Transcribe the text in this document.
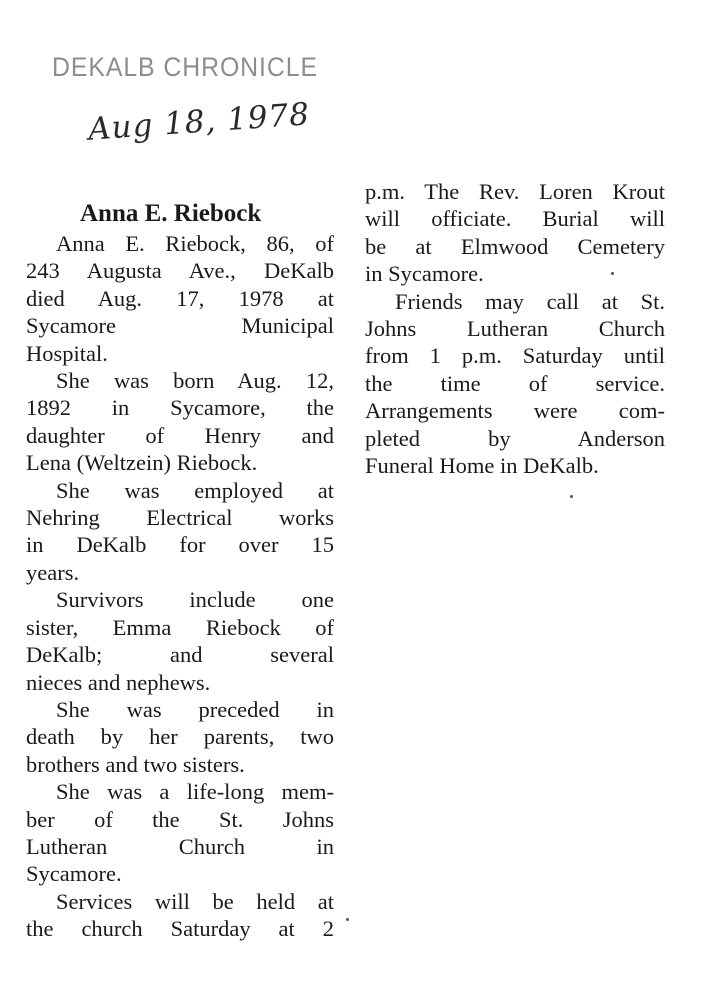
DEKALB CHRONICLE
Aug 18, 1978
Anna E. Riebock
Anna E. Riebock, 86, of
243 Augusta Ave., DeKalb
died Aug. 17, 1978 at
Sycamore Municipal
Hospital.
She was born Aug. 12,
1892 in Sycamore, the
daughter of Henry and
Lena (Weltzein) Riebock.
She was employed at
Nehring Electrical works
in DeKalb for over 15
years.
Survivors include one
sister, Emma Riebock of
DeKalb; and several
nieces and nephews.
She was preceded in
death by her parents, two
brothers and two sisters.
She was a life-long mem-
ber of the St. Johns
Lutheran Church in
Sycamore.
Services will be held at
the church Saturday at 2
p.m. The Rev. Loren Krout
will officiate. Burial will
be at Elmwood Cemetery
in Sycamore.
Friends may call at St.
Johns Lutheran Church
from 1 p.m. Saturday until
the time of service.
Arrangements were com-
pleted by Anderson
Funeral Home in DeKalb.
